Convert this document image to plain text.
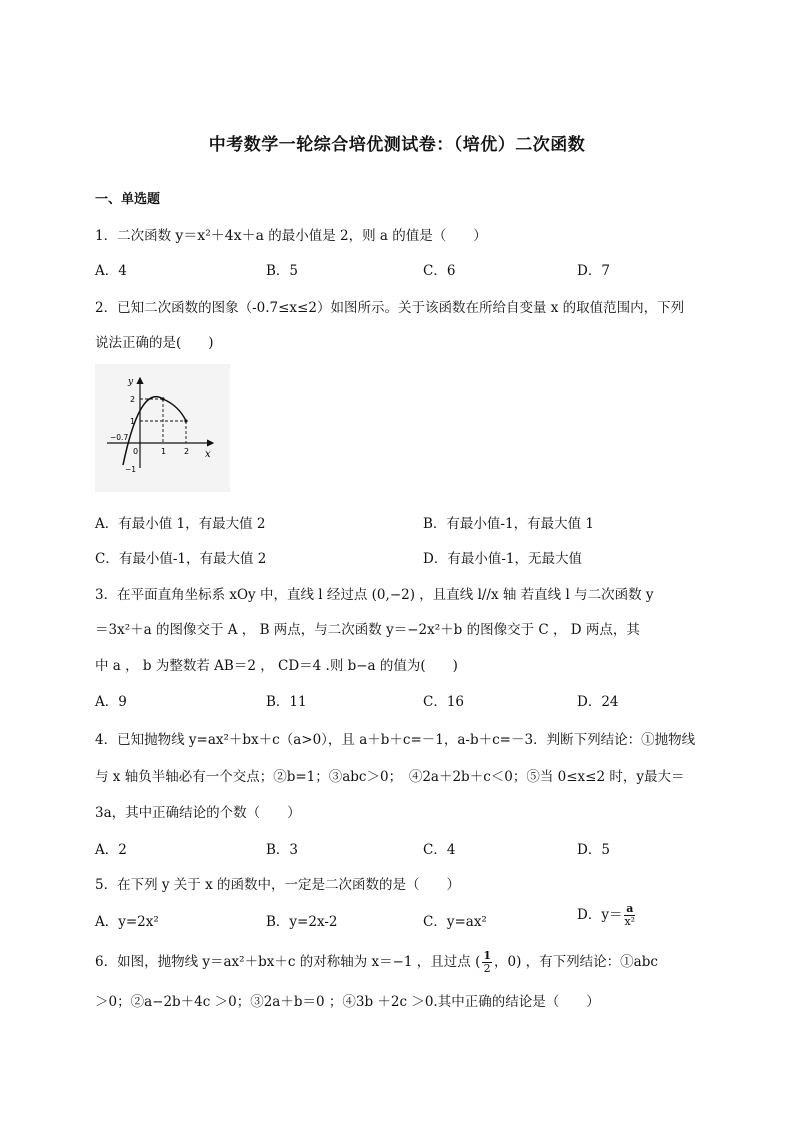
中考数学一轮综合培优测试卷：（培优）二次函数
一、单选题
1．二次函数 y＝x²＋4x＋a 的最小值是 2，则 a 的值是（　　）
A．4	B．5	C．6	D．7
2．已知二次函数的图象（-0.7≤x≤2）如图所示。关于该函数在所给自变量 x 的取值范围内，下列
说法正确的是(　　)
y
x
2
1
−0.7
0	1 2
−1
A．有最小值 1，有最大值 2	B．有最小值-1，有最大值 1
C．有最小值-1，有最大值 2	D．有最小值-1，无最大值
3．在平面直角坐标系 xOy 中，直线 l 经过点 (0,−2) ，且直线 l//x 轴 若直线 l 与二次函数 y
＝3x²＋a 的图像交于 A ， B 两点，与二次函数 y＝−2x²＋b 的图像交于 C ， D 两点，其
中 a ， b 为整数若 AB＝2 ， CD＝4 .则 b−a 的值为(　　)
A．9	B．11	C．16	D．24
4．已知抛物线 y=ax²＋bx＋c（a>0），且 a＋b＋c=－1，a-b＋c=－3．判断下列结论：①抛物线
与 x 轴负半轴必有一个交点；②b=1；③abc＞0；　④2a＋2b＋c＜0；⑤当 0≤x≤2 时，y最大＝
3a，其中正确结论的个数（　　）
A．2	B．3	C．4	D．5
5．在下列 y 关于 x 的函数中，一定是二次函数的是（　　）
A．y=2x²	B．y=2x-2	C．y=ax²	D．$y= \frac{a}{\text{x²}}$
6．如图，抛物线 y＝ax²＋bx＋c 的对称轴为 x＝−1 ，且过点 ( $\frac{1}{2}$ ，0) ，有下列结论：①abc
＞0；②a−2b＋4c ＞0；③2a＋b＝0 ；④3b ＋2c ＞0.其中正确的结论是（　　）
